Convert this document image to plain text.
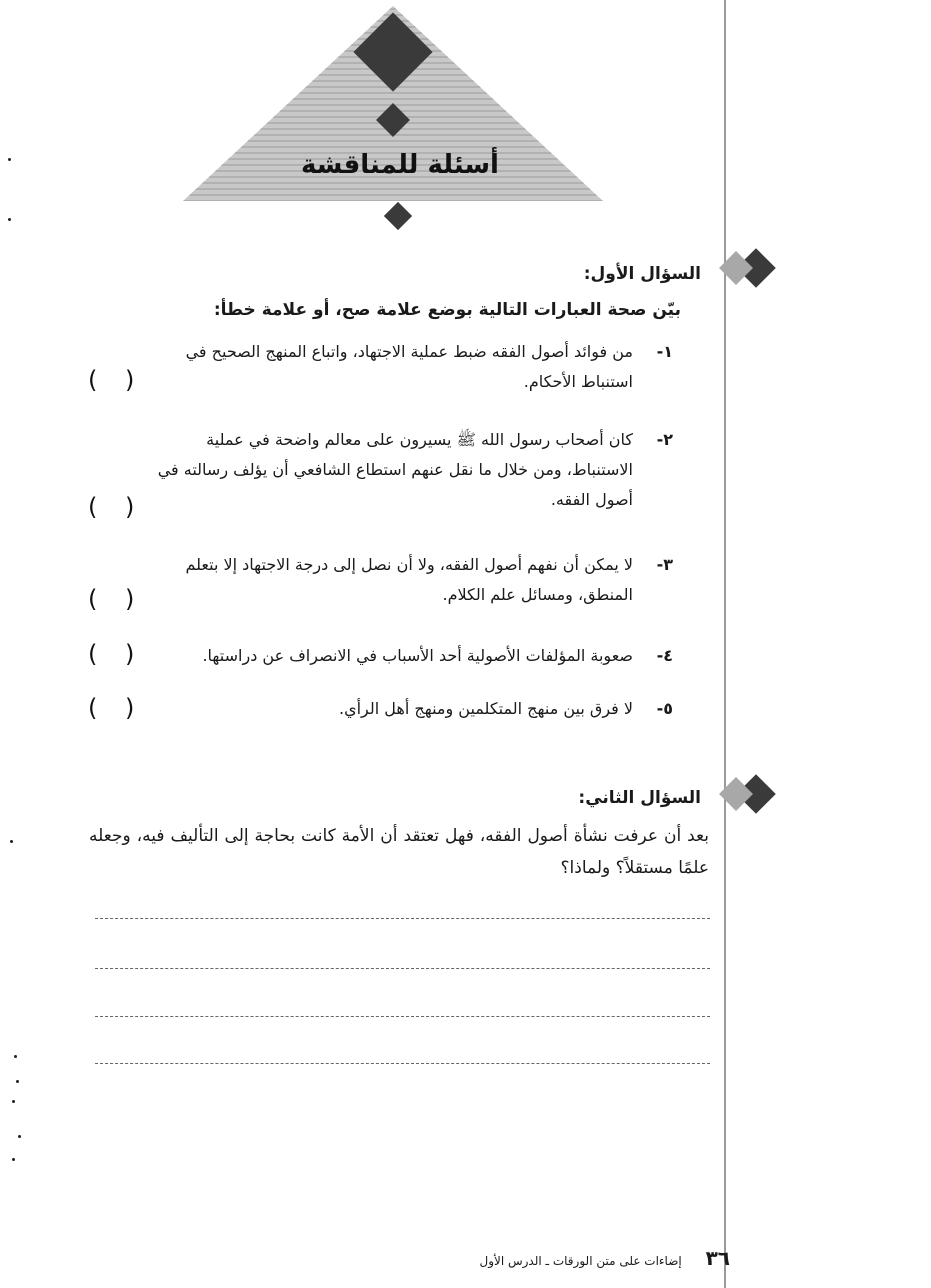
أسئلة للمناقشة
السؤال الأول:
بيّن صحة العبارات التالية بوضع علامة صح، أو علامة خطأ:
١-
من فوائد أصول الفقه ضبط عملية الاجتهاد، واتباع المنهج الصحيح في استنباط الأحكام.
( )
٢-
كان أصحاب رسول الله ﷺ يسيرون على معالم واضحة في عملية الاستنباط، ومن خلال ما نقل عنهم استطاع الشافعي أن يؤلف رسالته في أصول الفقه.
( )
٣-
لا يمكن أن نفهم أصول الفقه، ولا أن نصل إلى درجة الاجتهاد إلا بتعلم المنطق، ومسائل علم الكلام.
( )
٤-
صعوبة المؤلفات الأصولية أحد الأسباب في الانصراف عن دراستها.
( )
٥-
لا فرق بين منهج المتكلمين ومنهج أهل الرأي.
( )
السؤال الثاني:
بعد أن عرفت نشأة أصول الفقه، فهل تعتقد أن الأمة كانت بحاجة إلى التأليف فيه، وجعله علمًا مستقلاً؟ ولماذا؟
٣٦ إضاءات على متن الورقات ـ الدرس الأول
